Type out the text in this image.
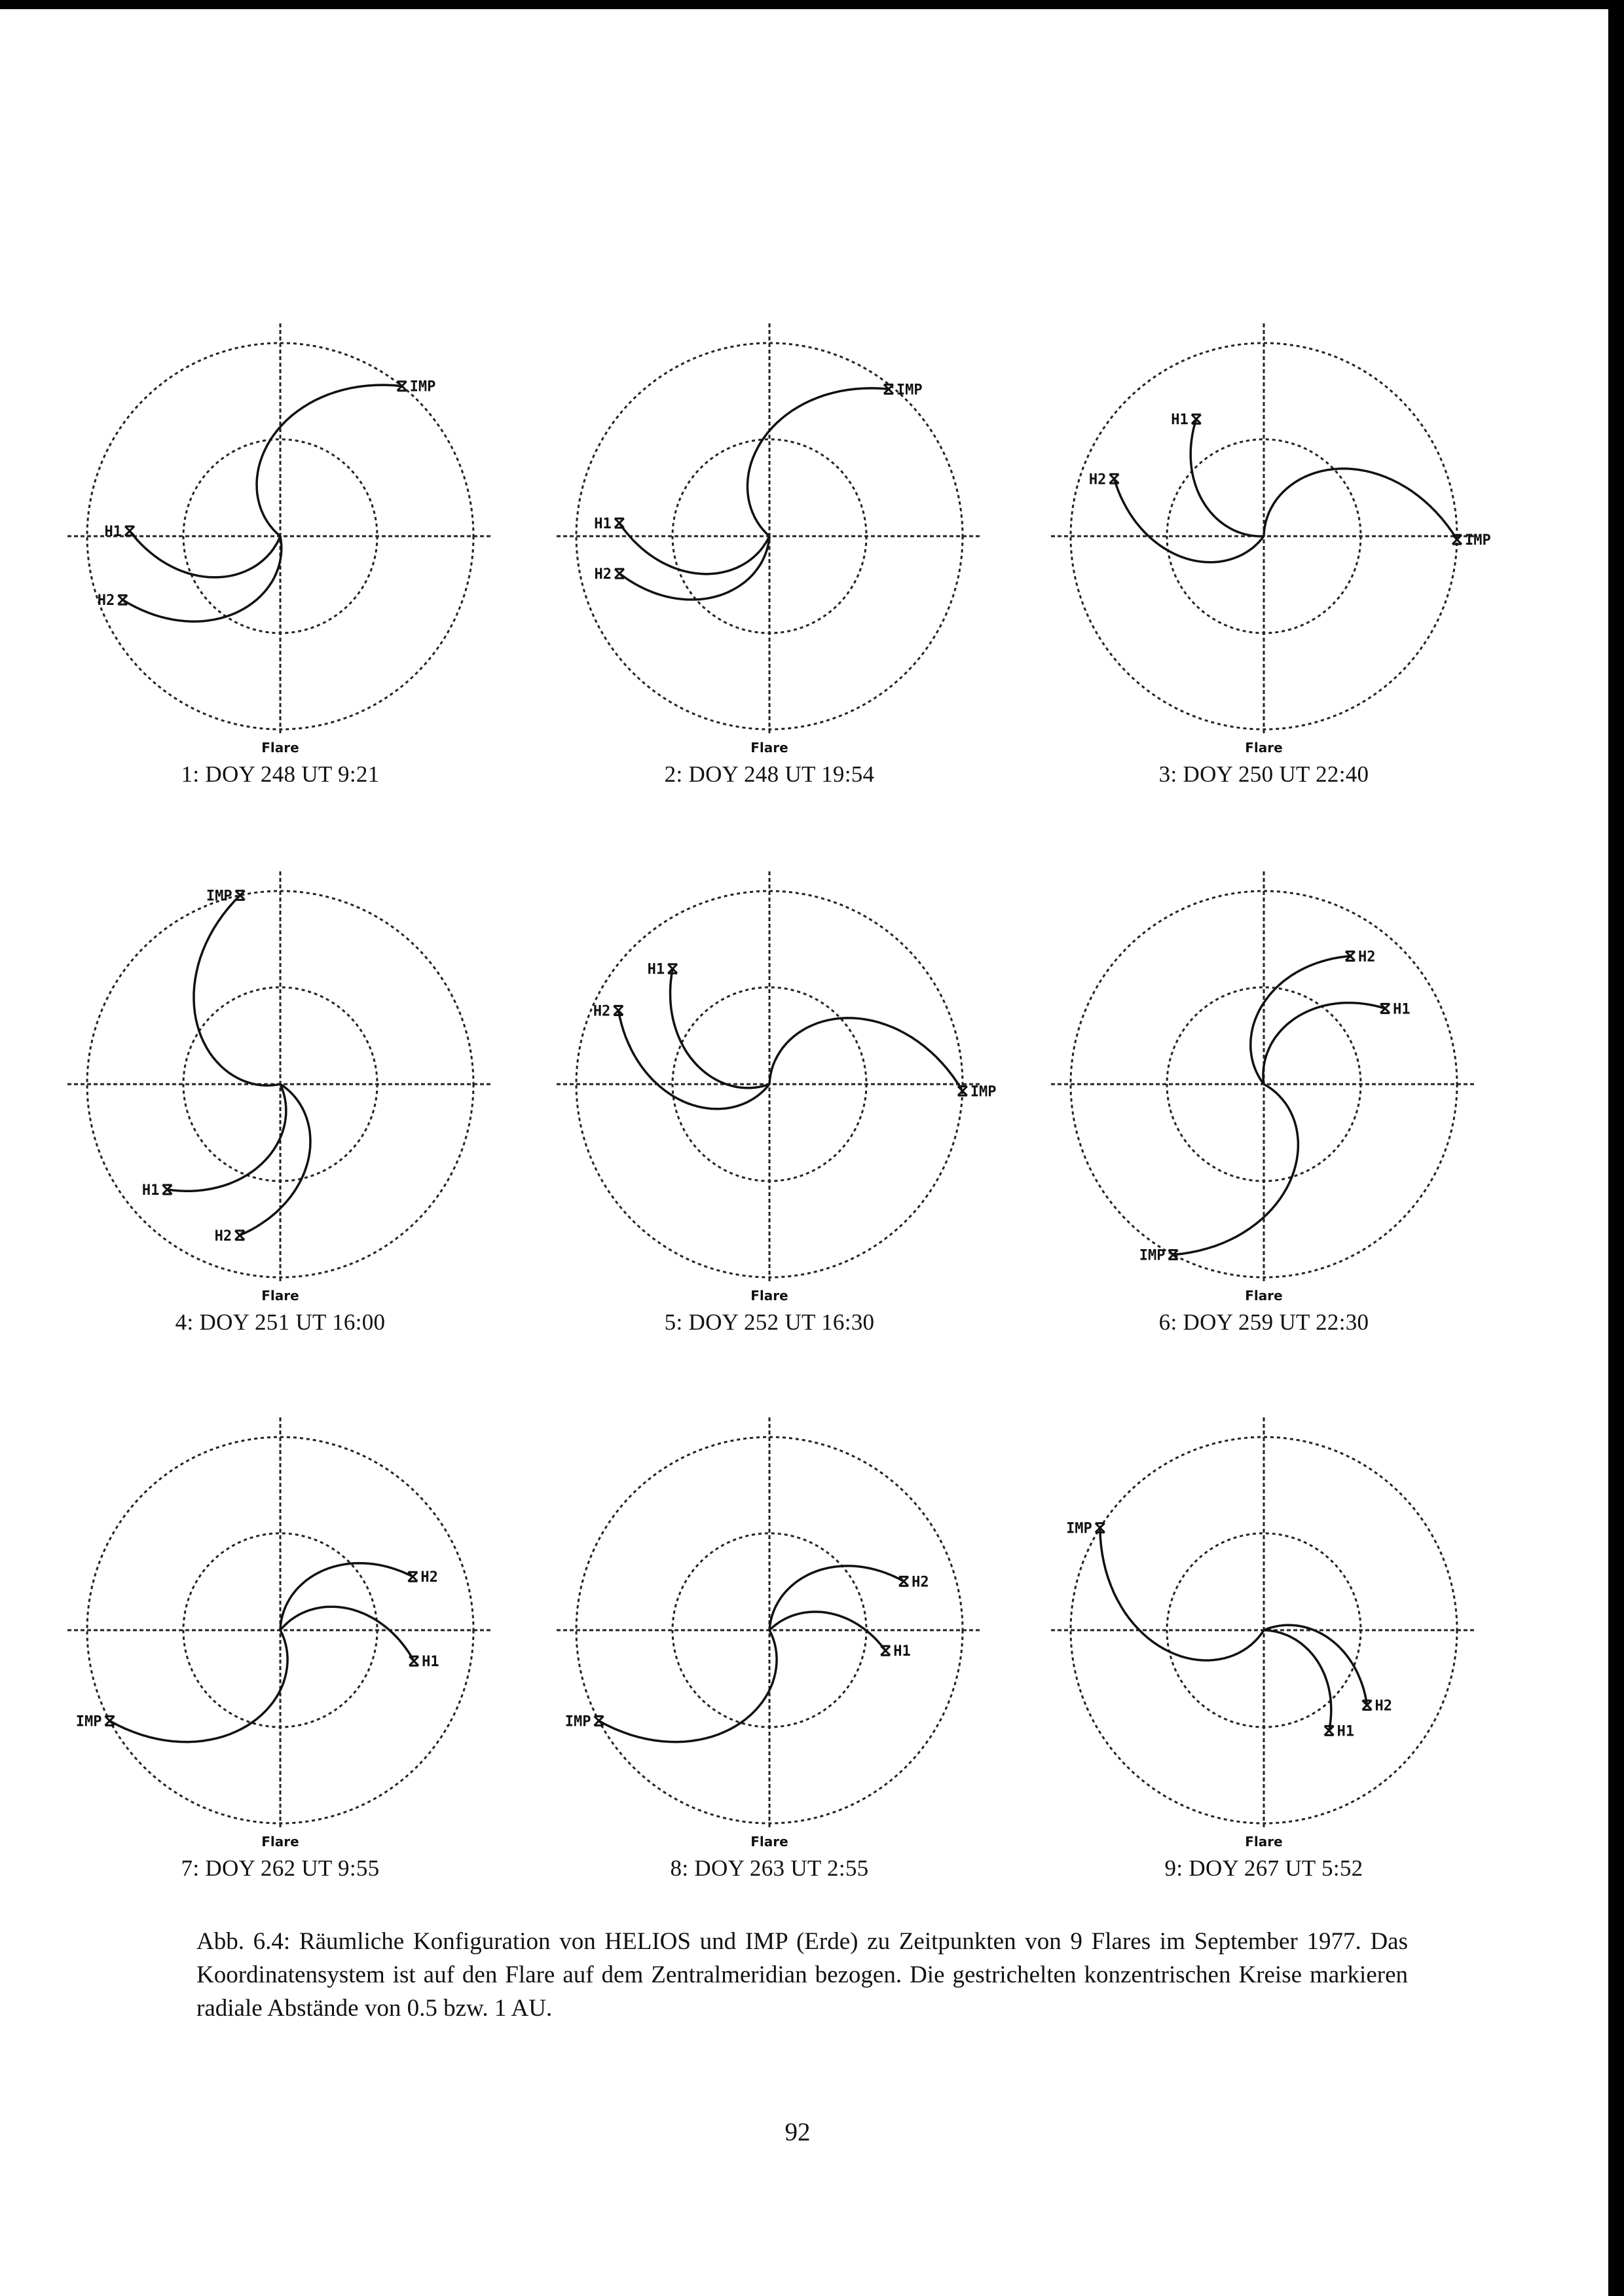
IMP
H1
H2
Flare
IMP
H1
H2
Flare
IMP
H1
H2
Flare
IMP
H1
H2
Flare
IMP
H1
H2
Flare
IMP
H1
H2
Flare
IMP
H1
H2
Flare
IMP
H1
H2
Flare
IMP
H1
H2
Flare
Abb. 6.4: Räumliche Konfiguration von HELIOS und IMP (Erde) zu Zeitpunkten von 9 Flares im September 1977. Das Koordinatensystem ist auf den Flare auf dem Zentralmeridian bezogen. Die gestrichelten konzentrischen Kreise markieren radiale Abstände von 0.5 bzw. 1 AU.
92
1: DOY 248 UT 9:21	2: DOY 248 UT 19:54	3: DOY 250 UT 22:40
4: DOY 251 UT 16:00	5: DOY 252 UT 16:30	6: DOY 259 UT 22:30
7: DOY 262 UT 9:55	8: DOY 263 UT 2:55	9: DOY 267 UT 5:52
